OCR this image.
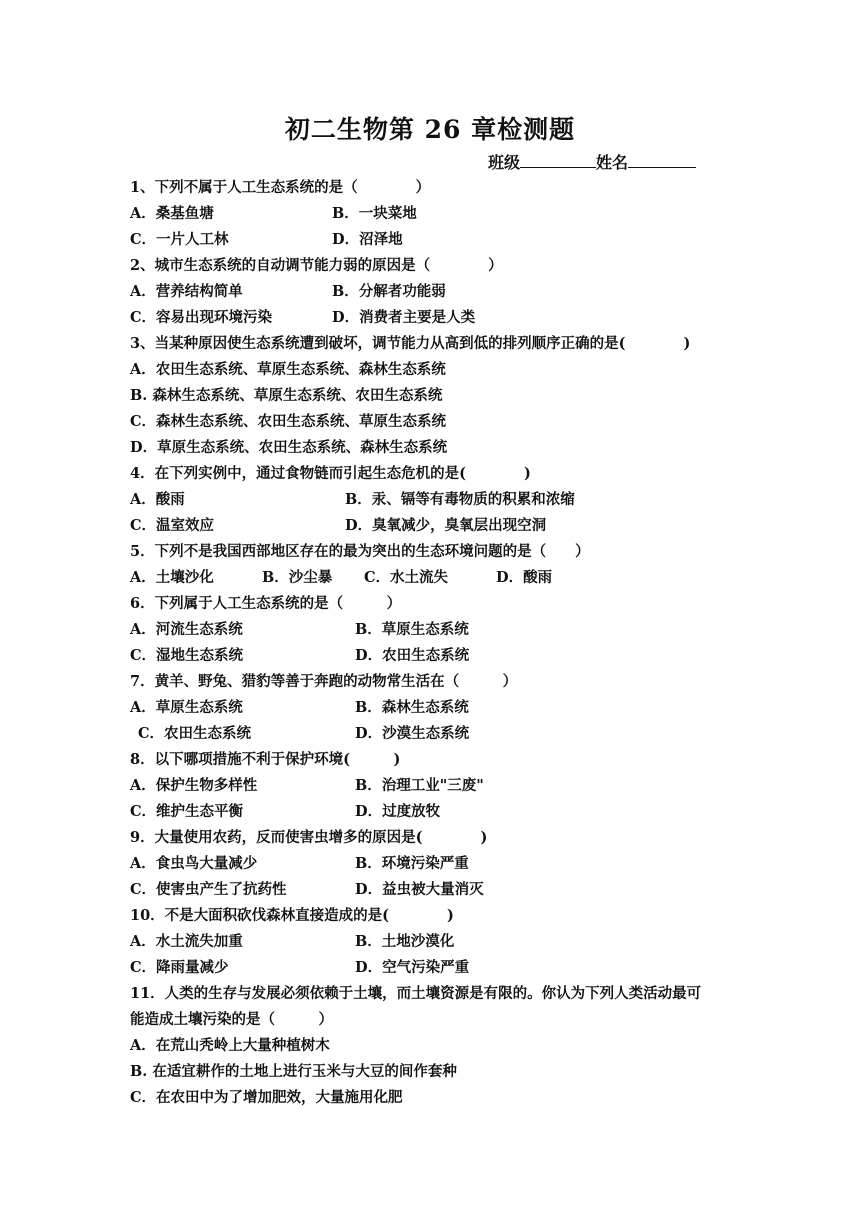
初二生物第 26 章检测题
班级	姓名
1、下列不属于人工生态系统的是（　　　　）
A．桑基鱼塘	B．一块菜地
C．一片人工林	D．沼泽地
2、城市生态系统的自动调节能力弱的原因是（　　　　）
A．营养结构简单	B．分解者功能弱
C．容易出现环境污染	D．消费者主要是人类
3、当某种原因使生态系统遭到破坏，调节能力从高到低的排列顺序正确的是(　　　　)
A．农田生态系统、草原生态系统、森林生态系统
B. 森林生态系统、草原生态系统、农田生态系统
C．森林生态系统、农田生态系统、草原生态系统
D．草原生态系统、农田生态系统、森林生态系统
4．在下列实例中，通过食物链而引起生态危机的是(　　　　)
A．酸雨	B．汞、镉等有毒物质的积累和浓缩
C．温室效应	D．臭氧减少，臭氧层出现空洞
5．下列不是我国西部地区存在的最为突出的生态环境问题的是（　　）
A．土壤沙化	B．沙尘暴 C．水土流失	D．酸雨
6．下列属于人工生态系统的是（　　　）
A．河流生态系统	B．草原生态系统
C．湿地生态系统	D．农田生态系统
7．黄羊、野兔、猎豹等善于奔跑的动物常生活在（　　　）
A．草原生态系统	B．森林生态系统
C．农田生态系统	D．沙漠生态系统
8．以下哪项措施不利于保护环境(　　　)
A．保护生物多样性	B．治理工业"三废"
C．维护生态平衡	D．过度放牧
9．大量使用农药，反而使害虫增多的原因是(　　　　)
A．食虫鸟大量减少	B．环境污染严重
C．使害虫产生了抗药性	D．益虫被大量消灭
10．不是大面积砍伐森林直接造成的是(　　　　)
A．水土流失加重	B．土地沙漠化
C．降雨量减少	D．空气污染严重
11．人类的生存与发展必须依赖于土壤，而土壤资源是有限的。你认为下列人类活动最可
能造成土壤污染的是（　　　）
A．在荒山秃岭上大量种植树木
B. 在适宜耕作的土地上进行玉米与大豆的间作套种
C．在农田中为了增加肥效，大量施用化肥
